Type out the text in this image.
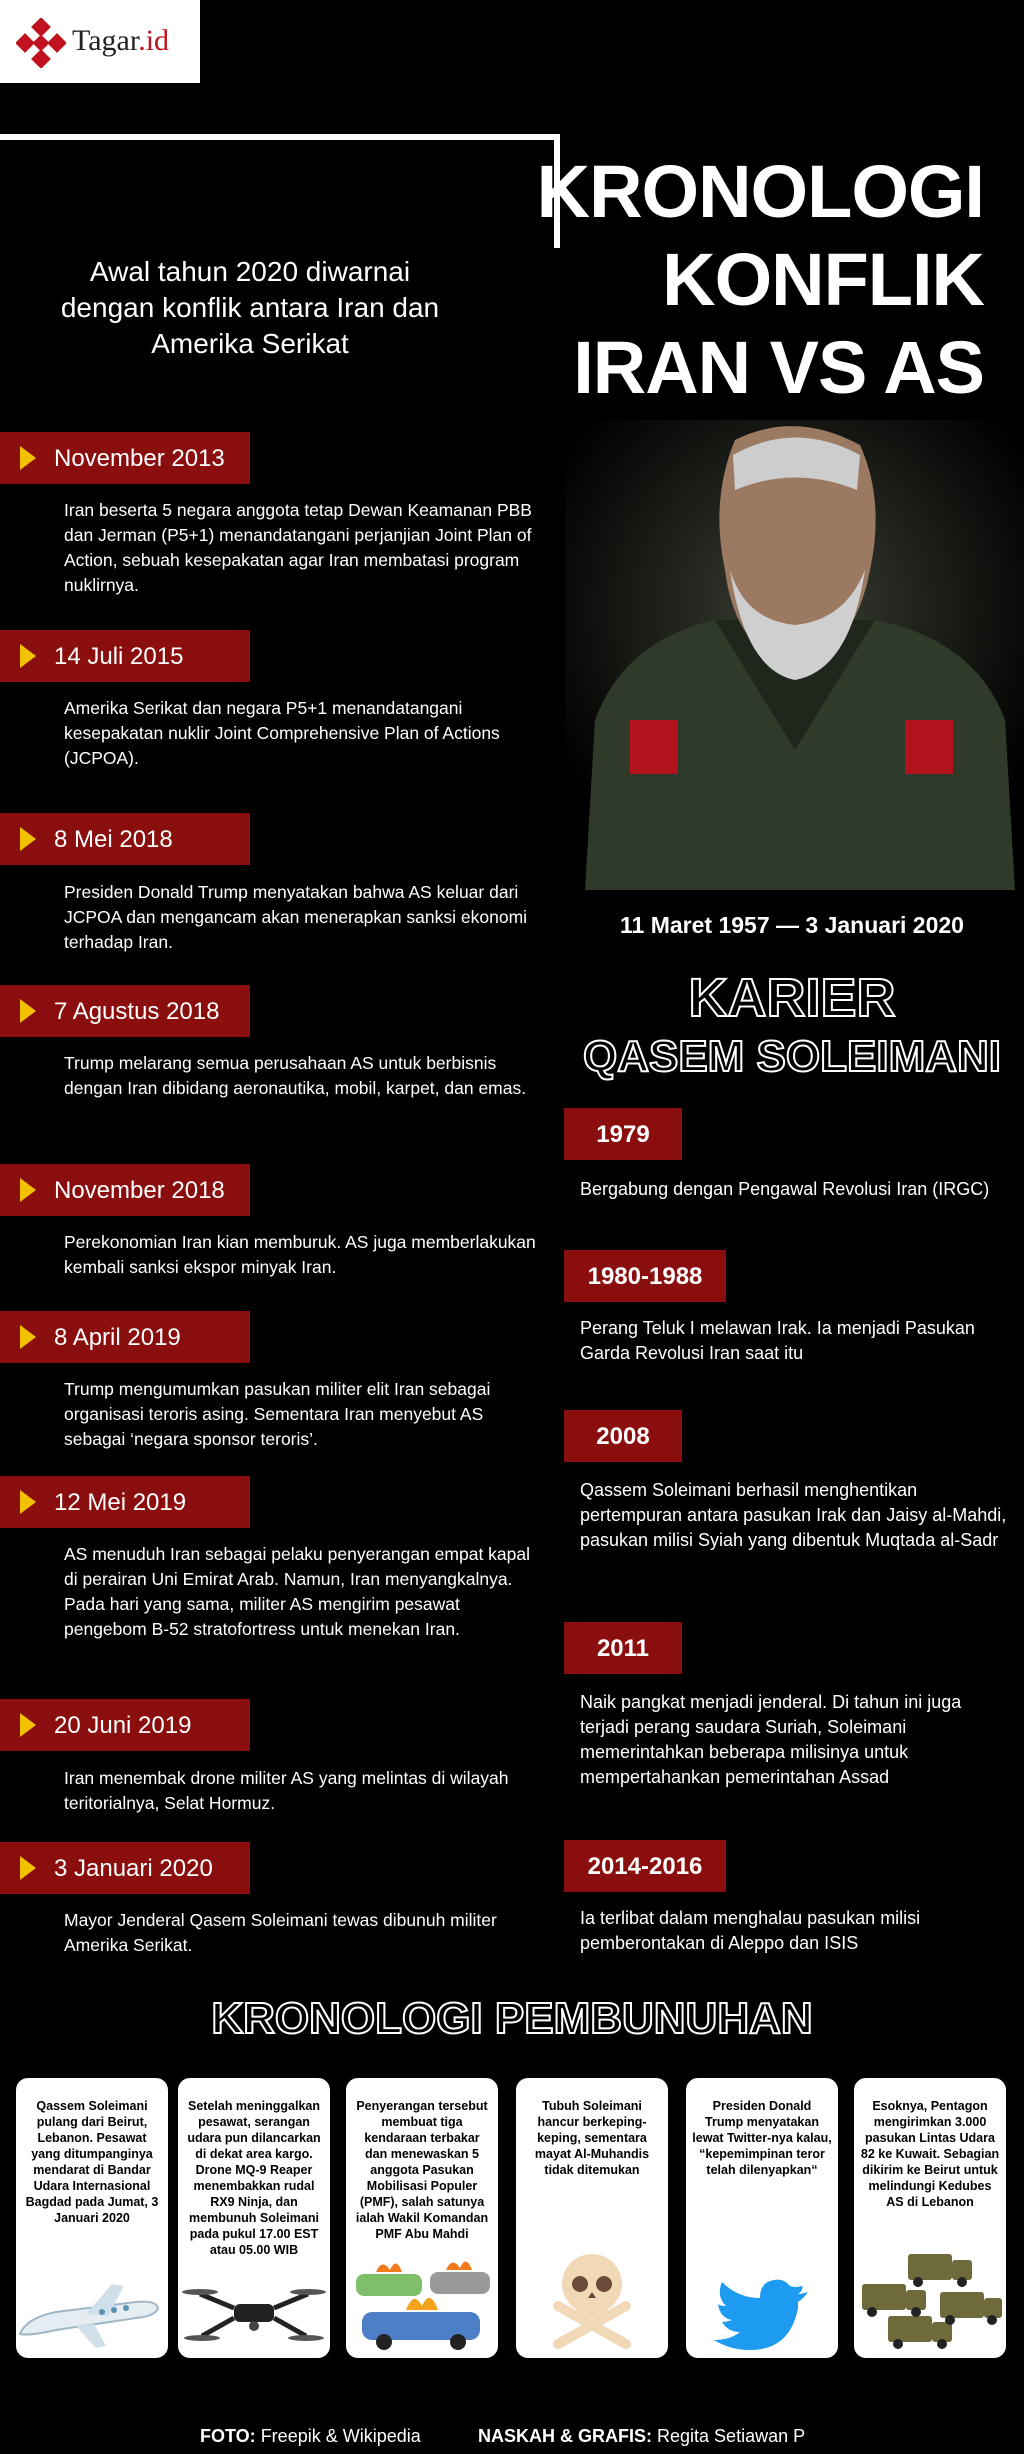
Tagar.id
KRONOLOGI
KONFLIK
IRAN VS AS
Awal tahun 2020 diwarnai dengan konflik antara Iran dan Amerika Serikat
November 2013
Iran beserta 5 negara anggota tetap Dewan Keamanan PBB dan Jerman (P5+1) menandatangani perjanjian Joint Plan of Action, sebuah kesepakatan agar Iran membatasi program nuklirnya.
14 Juli 2015
Amerika Serikat dan negara P5+1 menandatangani kesepakatan nuklir Joint Comprehensive Plan of Actions (JCPOA).
8 Mei 2018
Presiden Donald Trump menyatakan bahwa AS keluar dari JCPOA dan mengancam akan menerapkan sanksi ekonomi terhadap Iran.
7 Agustus 2018
Trump melarang semua perusahaan AS untuk berbisnis dengan Iran dibidang aeronautika, mobil, karpet, dan emas.
November 2018
Perekonomian Iran kian memburuk. AS juga memberlakukan kembali sanksi ekspor minyak Iran.
8 April 2019
Trump mengumumkan pasukan militer elit Iran sebagai organisasi teroris asing. Sementara Iran menyebut AS sebagai ‘negara sponsor teroris’.
12 Mei 2019
AS menuduh Iran sebagai pelaku penyerangan empat kapal di perairan Uni Emirat Arab. Namun, Iran menyangkalnya. Pada hari yang sama, militer AS mengirim pesawat pengebom B-52 stratofortress untuk menekan Iran.
20 Juni 2019
Iran menembak drone militer AS yang melintas di wilayah teritorialnya, Selat Hormuz.
3 Januari 2020
Mayor Jenderal Qasem Soleimani tewas dibunuh militer Amerika Serikat.
11 Maret 1957 — 3 Januari 2020
KARIER
QASEM SOLEIMANI
1979
Bergabung dengan Pengawal Revolusi Iran (IRGC)
1980-1988
Perang Teluk I melawan Irak. Ia menjadi Pasukan Garda Revolusi Iran saat itu
2008
Qassem Soleimani berhasil menghentikan pertempuran antara pasukan Irak dan Jaisy al-Mahdi, pasukan milisi Syiah yang dibentuk Muqtada al-Sadr
2011
Naik pangkat menjadi jenderal. Di tahun ini juga terjadi perang saudara Suriah, Soleimani memerintahkan beberapa milisinya untuk mempertahankan pemerintahan Assad
2014-2016
Ia terlibat dalam menghalau pasukan milisi pemberontakan di Aleppo dan ISIS
KRONOLOGI PEMBUNUHAN
Qassem Soleimani pulang dari Beirut, Lebanon. Pesawat yang ditumpanginya mendarat di Bandar Udara Internasional Bagdad pada Jumat, 3 Januari 2020
Setelah meninggalkan pesawat, serangan udara pun dilancarkan di dekat area kargo. Drone MQ-9 Reaper menembakkan rudal RX9 Ninja, dan membunuh Soleimani pada pukul 17.00 EST atau 05.00 WIB
Penyerangan tersebut membuat tiga kendaraan terbakar dan menewaskan 5 anggota Pasukan Mobilisasi Populer (PMF), salah satunya ialah Wakil Komandan PMF Abu Mahdi
Tubuh Soleimani hancur berkeping-keping, sementara mayat Al-Muhandis tidak ditemukan
Presiden Donald Trump menyatakan lewat Twitter-nya kalau, “kepemimpinan teror telah dilenyapkan“
Esoknya, Pentagon mengirimkan 3.000 pasukan Lintas Udara 82 ke Kuwait. Sebagian dikirim ke Beirut untuk melindungi Kedubes AS di Lebanon
FOTO: Freepik & Wikipedia	NASKAH & GRAFIS: Regita Setiawan P
